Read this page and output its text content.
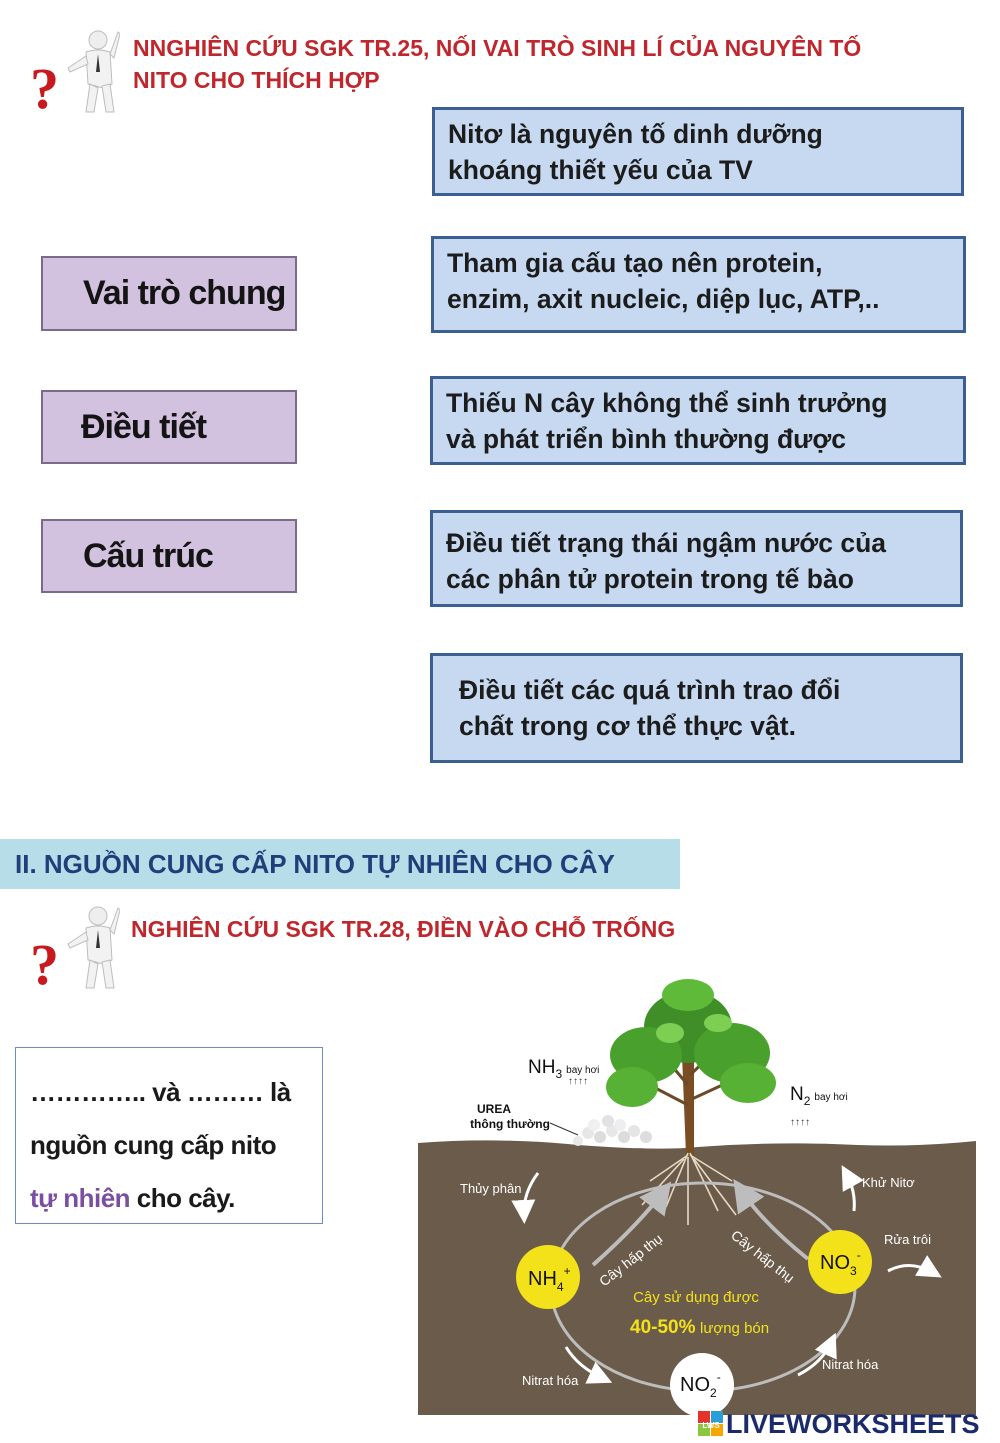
?
NNGHIÊN CỨU SGK TR.25, NỐI VAI TRÒ SINH LÍ CỦA NGUYÊN TỐ
NITO CHO THÍCH HỢP
Vai trò chung
Điều tiết
Cấu trúc
Nitơ là nguyên tố dinh dưỡng
khoáng thiết yếu của TV
Tham gia cấu tạo nên protein,
enzim, axit nucleic, diệp lục, ATP,..
Thiếu N cây không thể sinh trưởng
và phát triển bình thường được
Điều tiết trạng thái ngậm nước của
các phân tử protein trong tế bào
Điều tiết các quá trình trao đổi
chất trong cơ thể thực vật.
II. NGUỒN CUNG CẤP NITO TỰ NHIÊN CHO CÂY
?
NGHIÊN CỨU SGK TR.28, ĐIỀN VÀO CHỖ TRỐNG
………….. và ……… là
nguồn cung cấp nito
tự nhiên cho cây.
$NH_3$ $^{bay hơi}$
$N_2$ $^{bay hơi}$
↑↑↑↑
↑↑↑↑
UREA
thông thường
Thủy phân	Khử Nitơ
Rửa trôi
Nitrat hóa
Nitrat hóa
Cây hấp thụ	Cây hấp thụ
Cây sử dụng được
40-50% lượng bón
$NH_4^+$	$NO_3^-$
$NO_2^-$
LWS LIVEWORKSHEETS
